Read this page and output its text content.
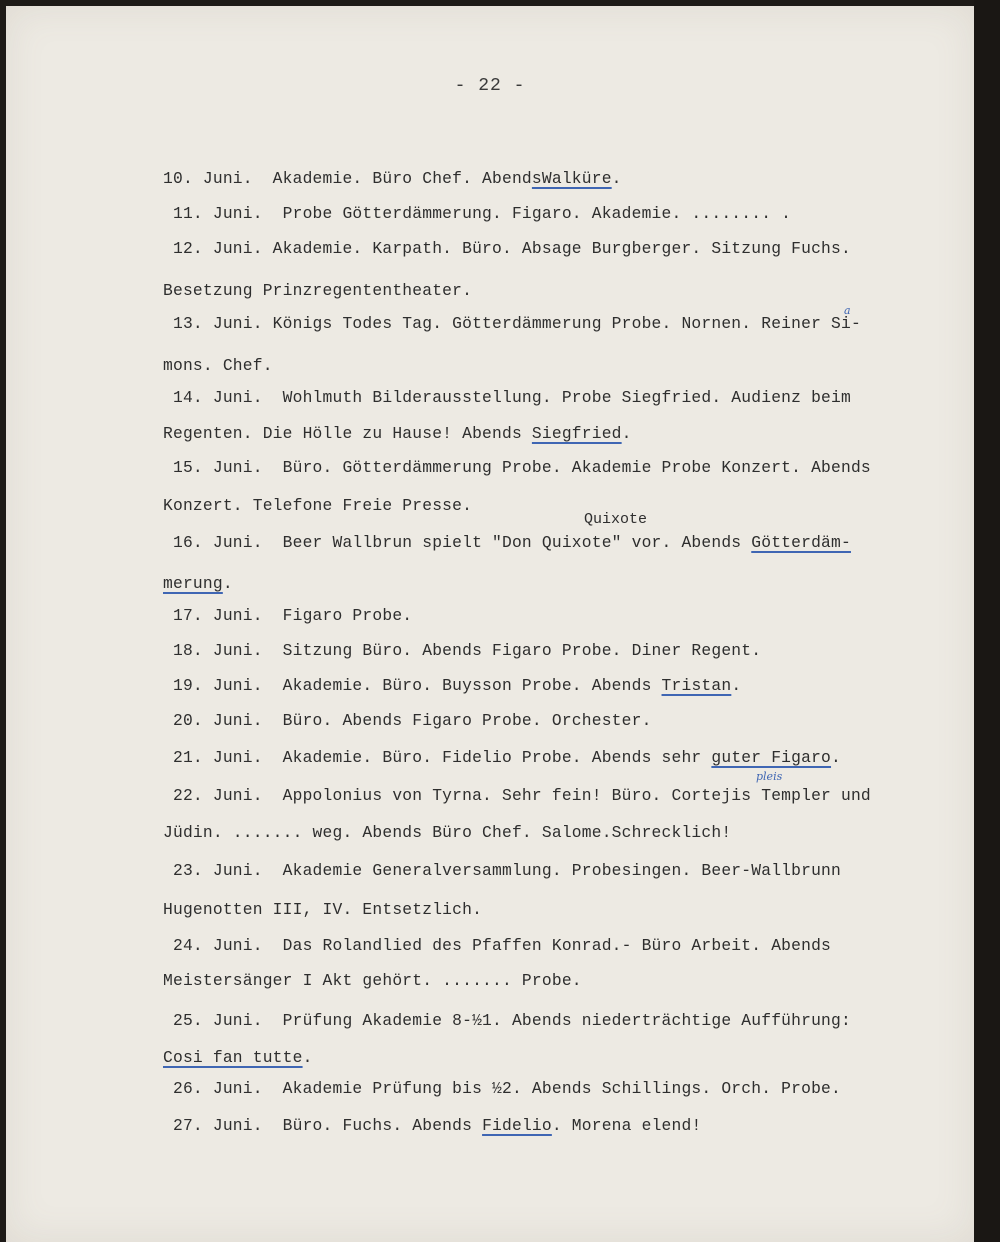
- 22 -
10. Juni.  Akademie. Büro Chef. AbendsWalküre.
11. Juni.  Probe Götterdämmerung. Figaro. Akademie. ........ .
12. Juni. Akademie. Karpath. Büro. Absage Burgberger. Sitzung Fuchs.
Besetzung Prinzregententheater.
13. Juni. Königs Todes Tag. Götterdämmerung Probe. Nornen. Reiner Si-
mons. Chef.
14. Juni.  Wohlmuth Bilderausstellung. Probe Siegfried. Audienz beim
Regenten. Die Hölle zu Hause! Abends Siegfried.
15. Juni.  Büro. Götterdämmerung Probe. Akademie Probe Konzert. Abends
Konzert. Telefone Freie Presse.
16. Juni.  Beer Wallbrun spielt "Don Quixote" vor. Abends Götterdäm-
merung.
17. Juni.  Figaro Probe.
18. Juni.  Sitzung Büro. Abends Figaro Probe. Diner Regent.
19. Juni.  Akademie. Büro. Buysson Probe. Abends Tristan.
20. Juni.  Büro. Abends Figaro Probe. Orchester.
21. Juni.  Akademie. Büro. Fidelio Probe. Abends sehr guter Figaro.
22. Juni.  Appolonius von Tyrna. Sehr fein! Büro. Cortejis Templer und
Jüdin. ....... weg. Abends Büro Chef. Salome.Schrecklich!
23. Juni.  Akademie Generalversammlung. Probesingen. Beer-Wallbrunn
Hugenotten III, IV. Entsetzlich.
24. Juni.  Das Rolandlied des Pfaffen Konrad.- Büro Arbeit. Abends
Meistersänger I Akt gehört. ....... Probe.
25. Juni.  Prüfung Akademie 8-½1. Abends niederträchtige Aufführung:
Cosi fan tutte.
26. Juni.  Akademie Prüfung bis ½2. Abends Schillings. Orch. Probe.
27. Juni.  Büro. Fuchs. Abends Fidelio. Morena elend!
Quixote
a
pleis
